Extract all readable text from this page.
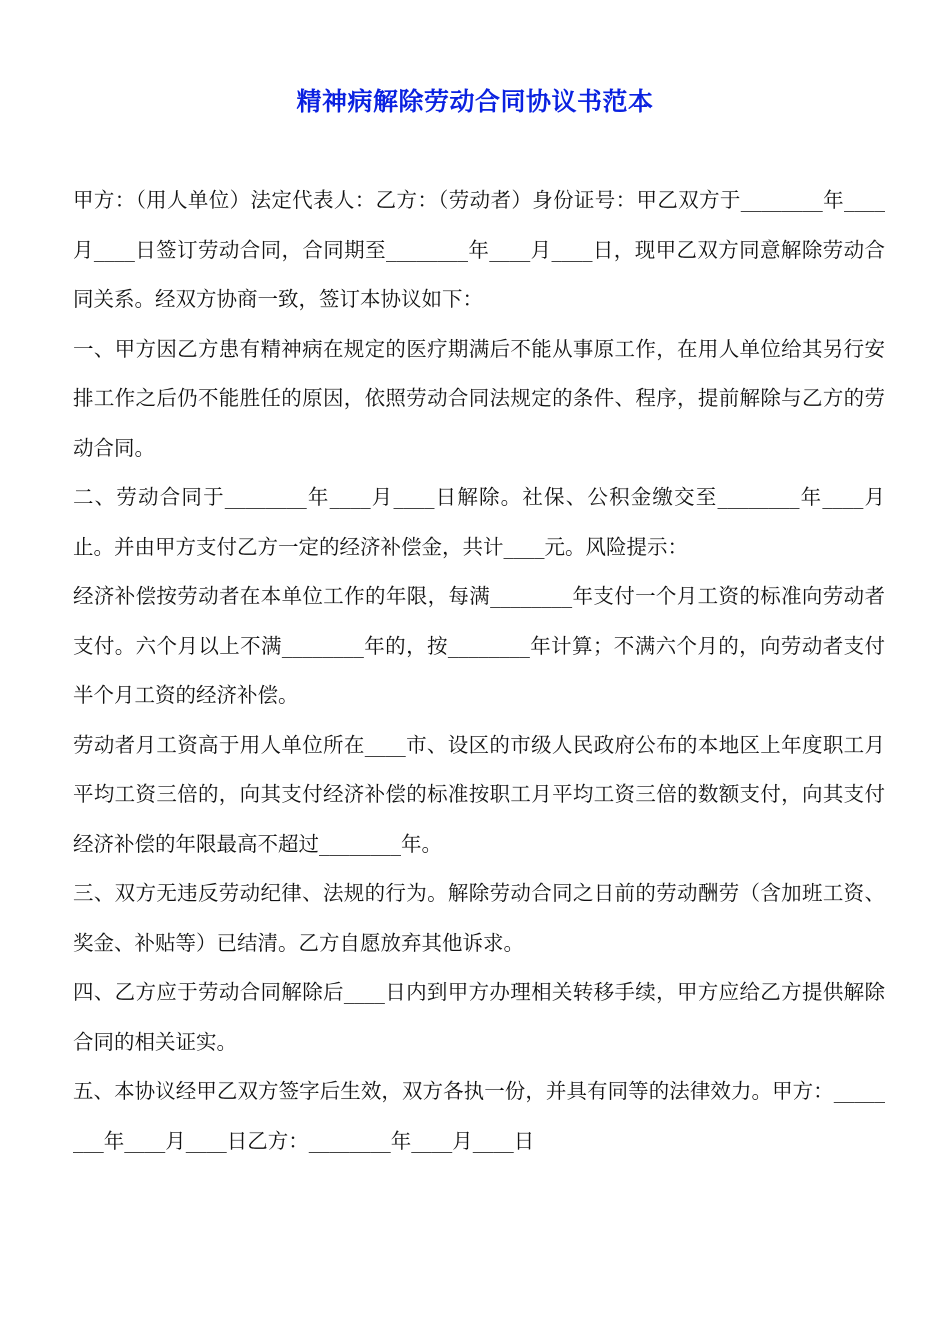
精神病解除劳动合同协议书范本

甲方：（用人单位）法定代表人：乙方：（劳动者）身份证号：甲乙双方于________年____月____日签订劳动合同，合同期至________年____月____日，现甲乙双方同意解除劳动合同关系。经双方协商一致，签订本协议如下：

一、甲方因乙方患有精神病在规定的医疗期满后不能从事原工作，在用人单位给其另行安排工作之后仍不能胜任的原因，依照劳动合同法规定的条件、程序，提前解除与乙方的劳动合同。

二、劳动合同于________年____月____日解除。社保、公积金缴交至________年____月止。并由甲方支付乙方一定的经济补偿金，共计____元。风险提示：

经济补偿按劳动者在本单位工作的年限，每满________年支付一个月工资的标准向劳动者支付。六个月以上不满________年的，按________年计算；不满六个月的，向劳动者支付半个月工资的经济补偿。

劳动者月工资高于用人单位所在____市、设区的市级人民政府公布的本地区上年度职工月平均工资三倍的，向其支付经济补偿的标准按职工月平均工资三倍的数额支付，向其支付经济补偿的年限最高不超过________年。

三、双方无违反劳动纪律、法规的行为。解除劳动合同之日前的劳动酬劳（含加班工资、奖金、补贴等）已结清。乙方自愿放弃其他诉求。

四、乙方应于劳动合同解除后____日内到甲方办理相关转移手续，甲方应给乙方提供解除合同的相关证实。

五、本协议经甲乙双方签字后生效，双方各执一份，并具有同等的法律效力。甲方：________年____月____日乙方：________年____月____日
